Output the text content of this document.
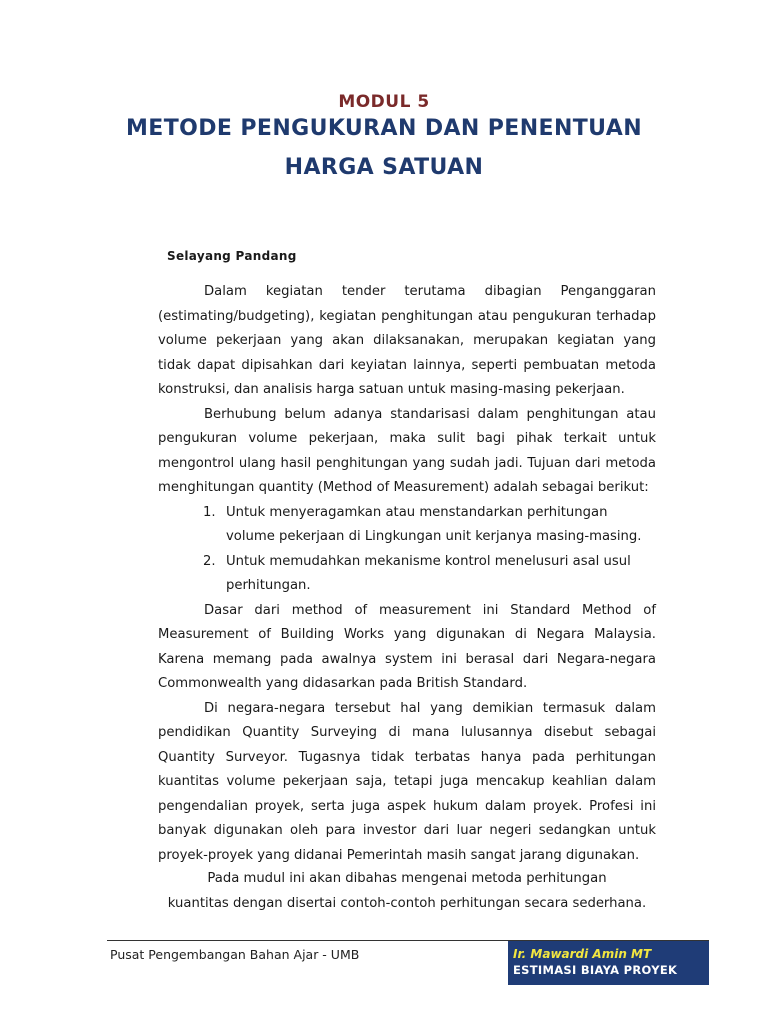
MODUL 5
METODE PENGUKURAN DAN PENENTUAN
HARGA SATUAN
Selayang Pandang

Dalam kegiatan tender terutama dibagian Penganggaran (estimating/budgeting), kegiatan penghitungan atau pengukuran terhadap volume pekerjaan yang akan dilaksanakan, merupakan kegiatan yang tidak dapat dipisahkan dari keyiatan lainnya, seperti pembuatan metoda konstruksi, dan analisis harga satuan untuk masing-masing pekerjaan.

Berhubung belum adanya standarisasi dalam penghitungan atau pengukuran volume pekerjaan, maka sulit bagi pihak terkait untuk mengontrol ulang hasil penghitungan yang sudah jadi. Tujuan dari metoda menghitungan quantity (Method of Measurement) adalah sebagai berikut:

1. Untuk menyeragamkan atau menstandarkan perhitungan volume pekerjaan di Lingkungan unit kerjanya masing-masing.
2. Untuk memudahkan mekanisme kontrol menelusuri asal usul perhitungan.

Dasar dari method of measurement ini Standard Method of Measurement of Building Works yang digunakan di Negara Malaysia. Karena memang pada awalnya system ini berasal dari Negara-negara Commonwealth yang didasarkan pada British Standard.

Di negara-negara tersebut hal yang demikian termasuk dalam pendidikan Quantity Surveying di mana lulusannya disebut sebagai Quantity Surveyor. Tugasnya tidak terbatas hanya pada perhitungan kuantitas volume pekerjaan saja, tetapi juga mencakup keahlian dalam pengendalian proyek, serta juga aspek hukum dalam proyek. Profesi ini banyak digunakan oleh para investor dari luar negeri sedangkan untuk proyek-proyek yang didanai Pemerintah masih sangat jarang digunakan.

Pada mudul ini akan dibahas mengenai metoda perhitungan
kuantitas dengan disertai contoh-contoh perhitungan secara sederhana.
Pusat Pengembangan Bahan Ajar - UMB	Ir. Mawardi Amin MT
ESTIMASI BIAYA PROYEK
